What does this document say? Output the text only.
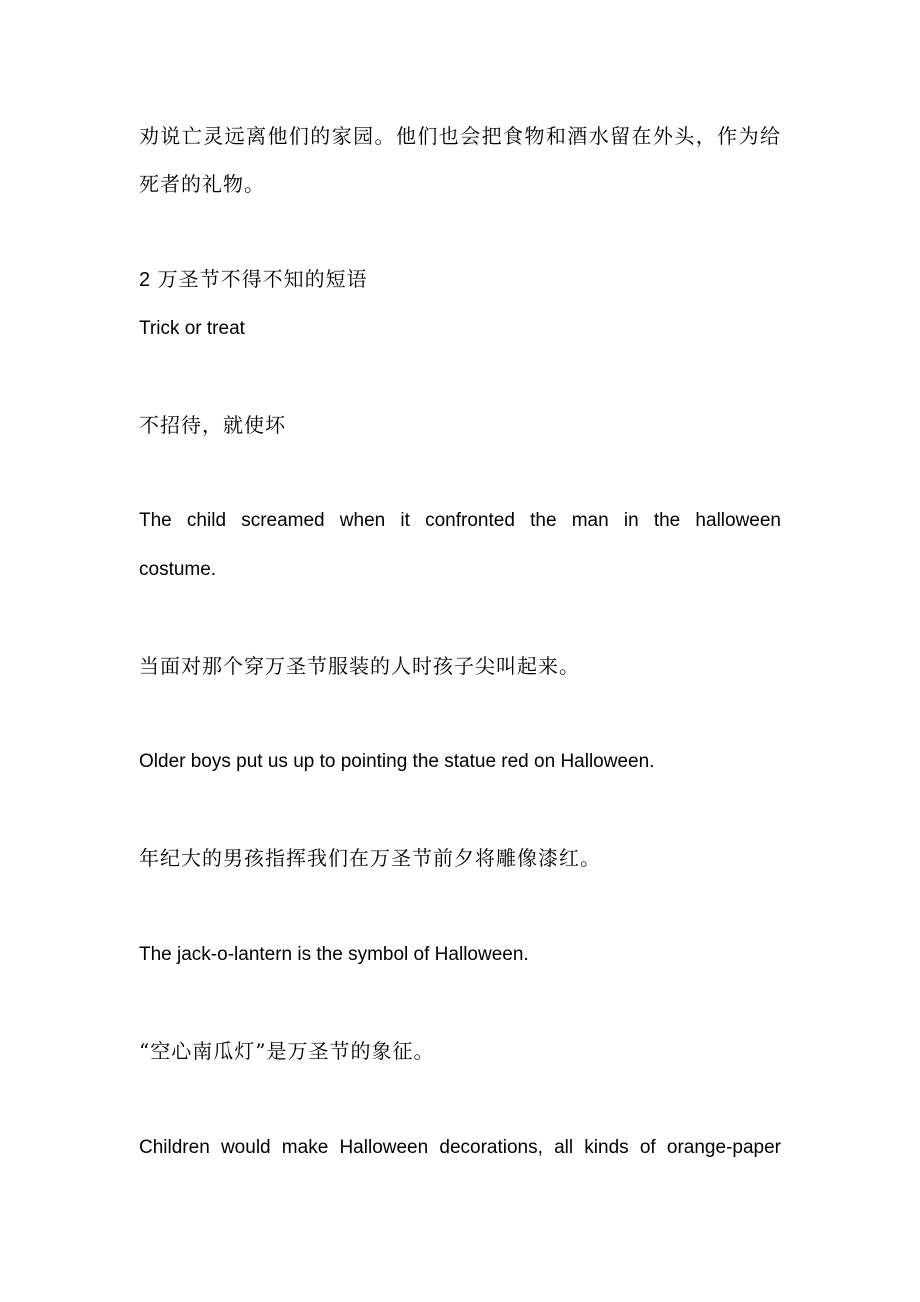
劝说亡灵远离他们的家园。他们也会把食物和酒水留在外头，作为给
死者的礼物。
2 万圣节不得不知的短语
Trick or treat
不招待，就使坏
The child screamed when it confronted the man in the halloween
costume.
当面对那个穿万圣节服装的人时孩子尖叫起来。
Older boys put us up to pointing the statue red on Halloween.
年纪大的男孩指挥我们在万圣节前夕将雕像漆红。
The jack-o-lantern is the symbol of Halloween.
“空心南瓜灯”是万圣节的象征。
Children would make Halloween decorations, all kinds of orange-paper
